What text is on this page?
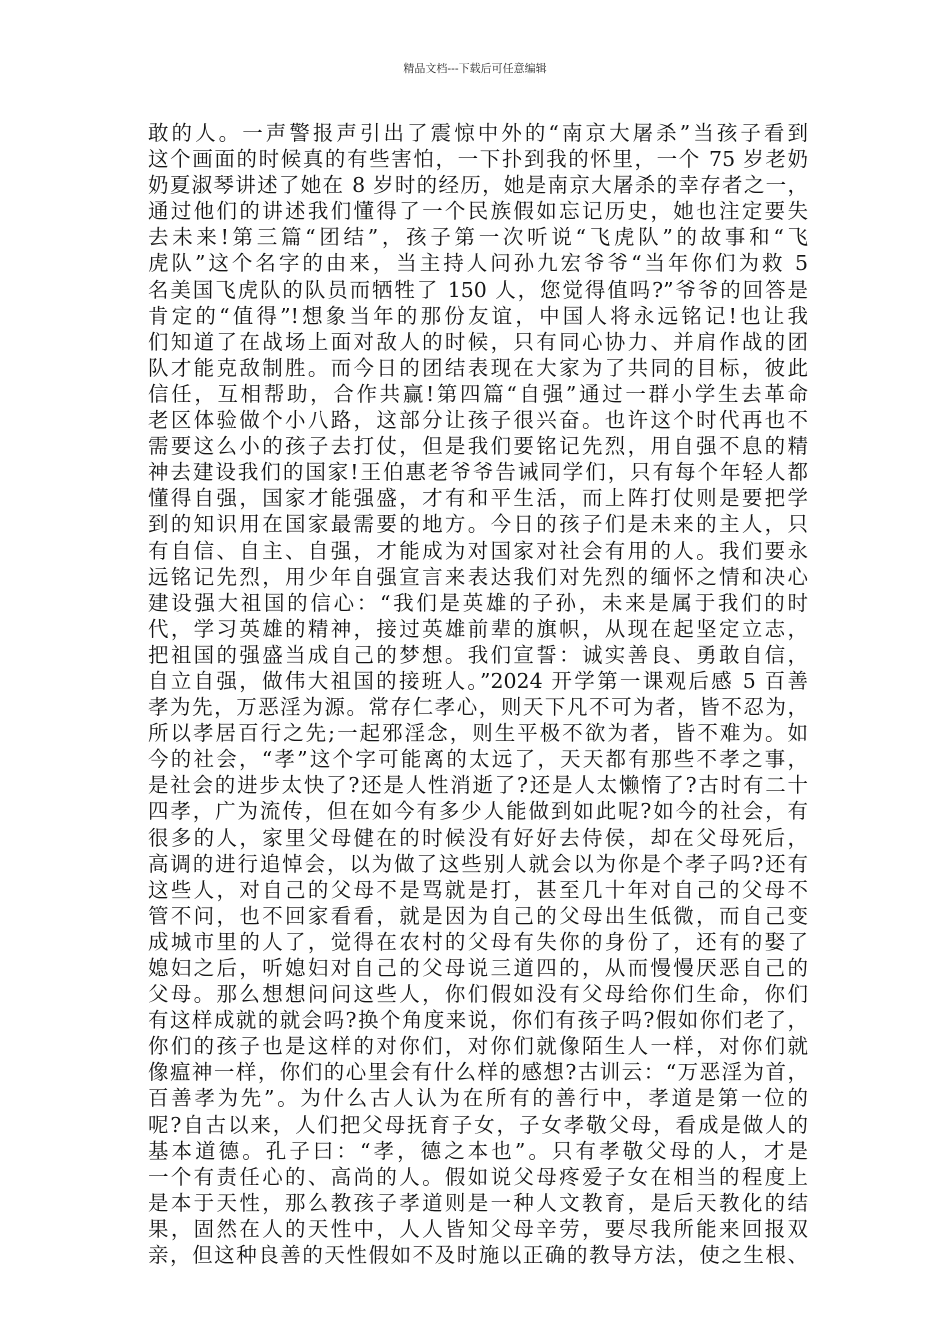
精品文档---下载后可任意编辑
敢的人。一声警报声引出了震惊中外的“南京大屠杀”当孩子看到
这个画面的时候真的有些害怕，一下扑到我的怀里，一个 75 岁老奶
奶夏淑琴讲述了她在 8 岁时的经历，她是南京大屠杀的幸存者之一，
通过他们的讲述我们懂得了一个民族假如忘记历史，她也注定要失
去未来!第三篇“团结”，孩子第一次听说“飞虎队”的故事和“飞
虎队”这个名字的由来，当主持人问孙九宏爷爷“当年你们为救 5
名美国飞虎队的队员而牺牲了 150 人，您觉得值吗?”爷爷的回答是
肯定的“值得”!想象当年的那份友谊，中国人将永远铭记!也让我
们知道了在战场上面对敌人的时候，只有同心协力、并肩作战的团
队才能克敌制胜。而今日的团结表现在大家为了共同的目标，彼此
信任，互相帮助，合作共赢!第四篇“自强”通过一群小学生去革命
老区体验做个小八路，这部分让孩子很兴奋。也许这个时代再也不
需要这么小的孩子去打仗，但是我们要铭记先烈，用自强不息的精
神去建设我们的国家!王伯惠老爷爷告诫同学们，只有每个年轻人都
懂得自强，国家才能强盛，才有和平生活，而上阵打仗则是要把学
到的知识用在国家最需要的地方。今日的孩子们是未来的主人，只
有自信、自主、自强，才能成为对国家对社会有用的人。我们要永
远铭记先烈，用少年自强宣言来表达我们对先烈的缅怀之情和决心
建设强大祖国的信心：“我们是英雄的子孙，未来是属于我们的时
代，学习英雄的精神，接过英雄前辈的旗帜，从现在起坚定立志，
把祖国的强盛当成自己的梦想。我们宣誓：诚实善良、勇敢自信，
自立自强，做伟大祖国的接班人。”2024 开学第一课观后感 5 百善
孝为先，万恶淫为源。常存仁孝心，则天下凡不可为者，皆不忍为，
所以孝居百行之先;一起邪淫念，则生平极不欲为者，皆不难为。如
今的社会，“孝”这个字可能离的太远了，天天都有那些不孝之事，
是社会的进步太快了?还是人性消逝了?还是人太懒惰了?古时有二十
四孝，广为流传，但在如今有多少人能做到如此呢?如今的社会，有
很多的人，家里父母健在的时候没有好好去侍侯，却在父母死后，
高调的进行追悼会，以为做了这些别人就会以为你是个孝子吗?还有
这些人，对自己的父母不是骂就是打，甚至几十年对自己的父母不
管不问，也不回家看看，就是因为自己的父母出生低微，而自己变
成城市里的人了，觉得在农村的父母有失你的身份了，还有的娶了
媳妇之后，听媳妇对自己的父母说三道四的，从而慢慢厌恶自己的
父母。那么想想问问这些人，你们假如没有父母给你们生命，你们
有这样成就的就会吗?换个角度来说，你们有孩子吗?假如你们老了，
你们的孩子也是这样的对你们，对你们就像陌生人一样，对你们就
像瘟神一样，你们的心里会有什么样的感想?古训云：“万恶淫为首，
百善孝为先”。为什么古人认为在所有的善行中，孝道是第一位的
呢?自古以来，人们把父母抚育子女，子女孝敬父母，看成是做人的
基本道德。孔子曰：“孝，德之本也”。只有孝敬父母的人，才是
一个有责任心的、高尚的人。假如说父母疼爱子女在相当的程度上
是本于天性，那么教孩子孝道则是一种人文教育，是后天教化的结
果，固然在人的天性中，人人皆知父母辛劳，要尽我所能来回报双
亲，但这种良善的天性假如不及时施以正确的教导方法，使之生根、
